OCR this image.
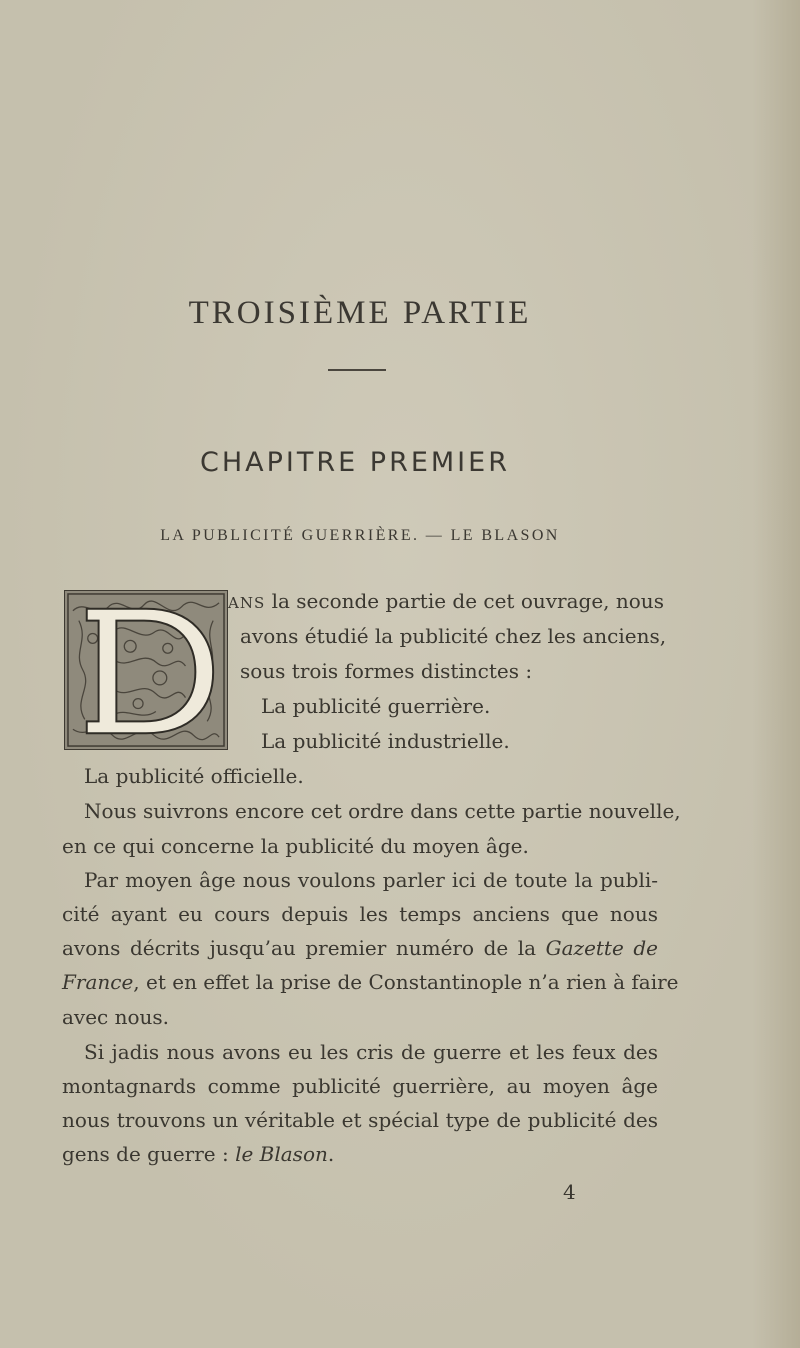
TROISIÈME PARTIE
CHAPITRE PREMIER
LA PUBLICITÉ GUERRIÈRE. — LE BLASON
ANS la seconde partie de cet ouvrage, nous
avons étudié la publicité chez les anciens,
sous trois formes distinctes :
La publicité guerrière.
La publicité industrielle.
La publicité officielle.
Nous suivrons encore cet ordre dans cette partie nouvelle,
en ce qui concerne la publicité du moyen âge.
Par moyen âge nous voulons parler ici de toute la publi-
cité ayant eu cours depuis les temps anciens que nous
avons décrits jusqu’au premier numéro de la Gazette de
France, et en effet la prise de Constantinople n’a rien à faire
avec nous.
Si jadis nous avons eu les cris de guerre et les feux des
montagnards comme publicité guerrière, au moyen âge
nous trouvons un véritable et spécial type de publicité des
gens de guerre : le Blason.
4
